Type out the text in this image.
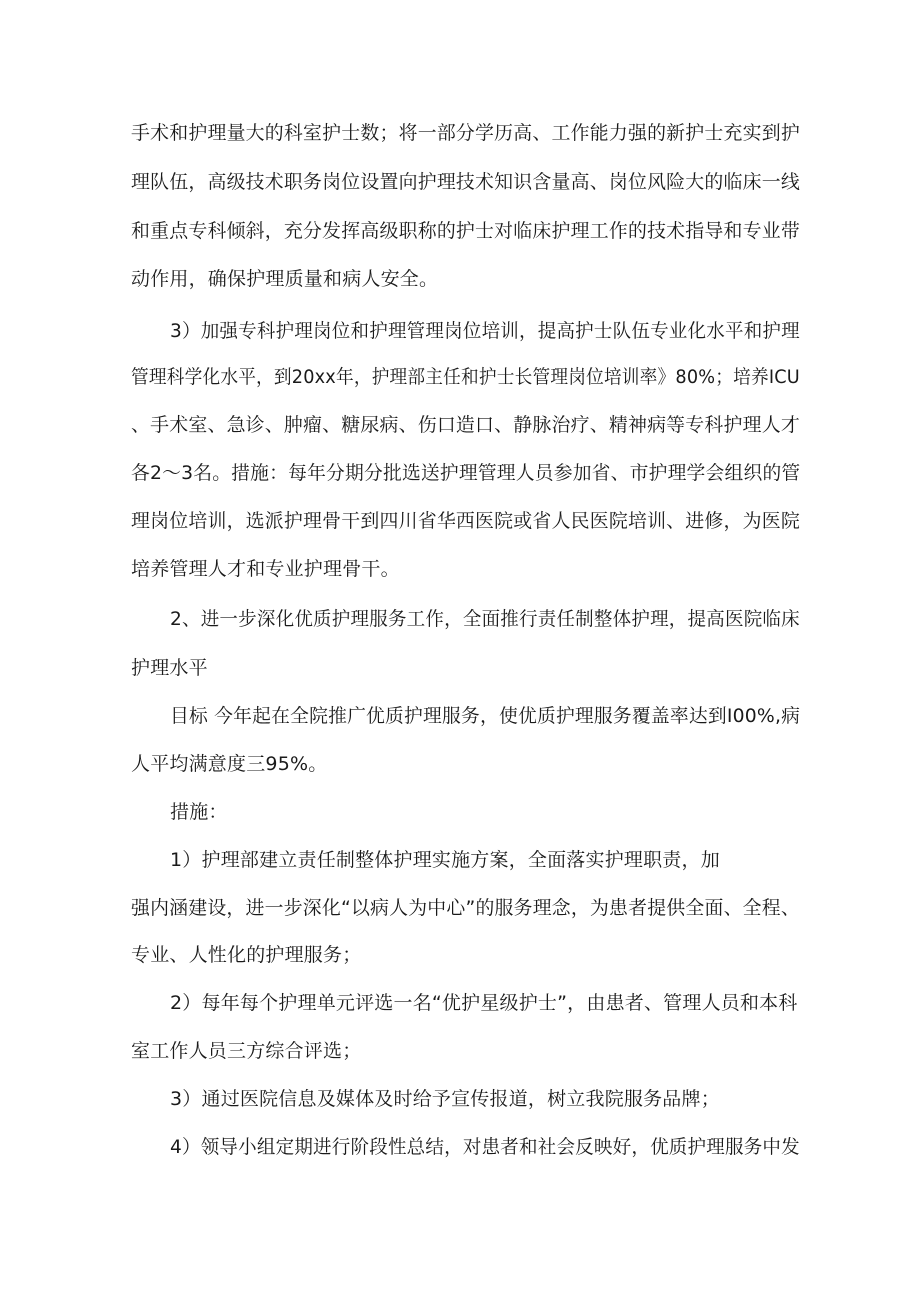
手术和护理量大的科室护士数；将一部分学历高、工作能力强的新护士充实到护
理队伍，高级技术职务岗位设置向护理技术知识含量高、岗位风险大的临床一线
和重点专科倾斜，充分发挥高级职称的护士对临床护理工作的技术指导和专业带
动作用，确保护理质量和病人安全。
3）加强专科护理岗位和护理管理岗位培训，提高护士队伍专业化水平和护理
管理科学化水平，到20xx年，护理部主任和护士长管理岗位培训率》80%；培养ICU
、手术室、急诊、肿瘤、糖尿病、伤口造口、静脉治疗、精神病等专科护理人才
各2～3名。措施：每年分期分批选送护理管理人员参加省、市护理学会组织的管
理岗位培训，选派护理骨干到四川省华西医院或省人民医院培训、进修，为医院
培养管理人才和专业护理骨干。
2、进一步深化优质护理服务工作，全面推行责任制整体护理，提高医院临床
护理水平
目标 今年起在全院推广优质护理服务，使优质护理服务覆盖率达到I00%,病
人平均满意度三95%。
措施：
1）护理部建立责任制整体护理实施方案，全面落实护理职责，加
强内涵建设，进一步深化“以病人为中心”的服务理念，为患者提供全面、全程、
专业、人性化的护理服务；
2）每年每个护理单元评选一名“优护星级护士”，由患者、管理人员和本科
室工作人员三方综合评选；
3）通过医院信息及媒体及时给予宣传报道，树立我院服务品牌；
4）领导小组定期进行阶段性总结，对患者和社会反映好，优质护理服务中发
